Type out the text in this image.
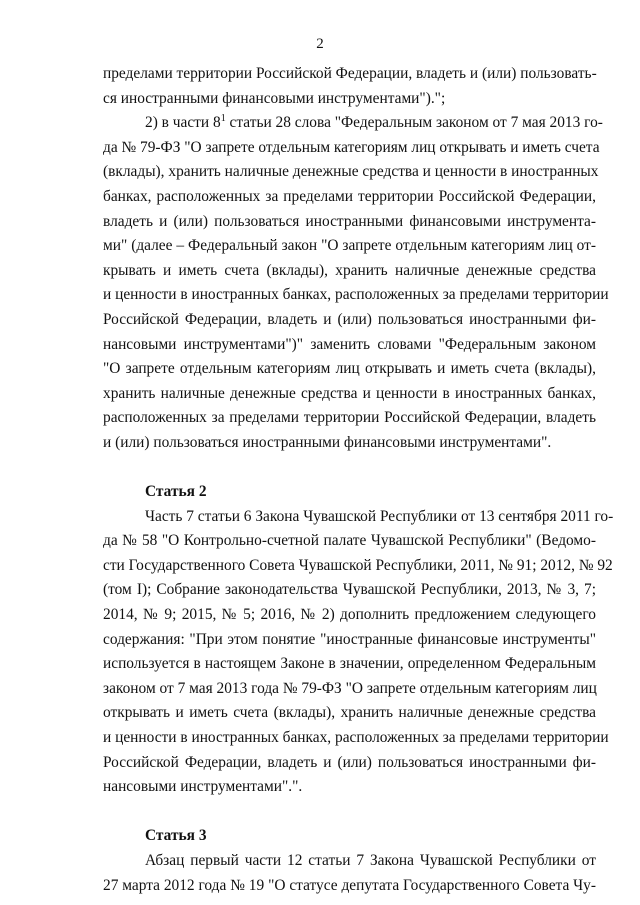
2
пределами территории Российской Федерации, владеть и (или) пользовать-
ся иностранными финансовыми инструментами").";
2) в части $8^1$ статьи 28 слова "Федеральным законом от 7 мая 2013 го-
да № 79-ФЗ "О запрете отдельным категориям лиц открывать и иметь счета
(вклады), хранить наличные денежные средства и ценности в иностранных
банках, расположенных за пределами территории Российской Федерации,
владеть и (или) пользоваться иностранными финансовыми инструмента-
ми" (далее – Федеральный закон "О запрете отдельным категориям лиц от-
крывать и иметь счета (вклады), хранить наличные денежные средства
и ценности в иностранных банках, расположенных за пределами территории
Российской Федерации, владеть и (или) пользоваться иностранными фи-
нансовыми инструментами")" заменить словами "Федеральным законом
"О запрете отдельным категориям лиц открывать и иметь счета (вклады),
хранить наличные денежные средства и ценности в иностранных банках,
расположенных за пределами территории Российской Федерации, владеть
и (или) пользоваться иностранными финансовыми инструментами".
Статья 2
Часть 7 статьи 6 Закона Чувашской Республики от 13 сентября 2011 го-
да № 58 "О Контрольно-счетной палате Чувашской Республики" (Ведомо-
сти Государственного Совета Чувашской Республики, 2011, № 91; 2012, № 92
(том I); Собрание законодательства Чувашской Республики, 2013, № 3, 7;
2014, № 9; 2015, № 5; 2016, № 2) дополнить предложением следующего
содержания: "При этом понятие "иностранные финансовые инструменты"
используется в настоящем Законе в значении, определенном Федеральным
законом от 7 мая 2013 года № 79-ФЗ "О запрете отдельным категориям лиц
открывать и иметь счета (вклады), хранить наличные денежные средства
и ценности в иностранных банках, расположенных за пределами территории
Российской Федерации, владеть и (или) пользоваться иностранными фи-
нансовыми инструментами".".
Статья 3
Абзац первый части 12 статьи 7 Закона Чувашской Республики от
27 марта 2012 года № 19 "О статусе депутата Государственного Совета Чу-
